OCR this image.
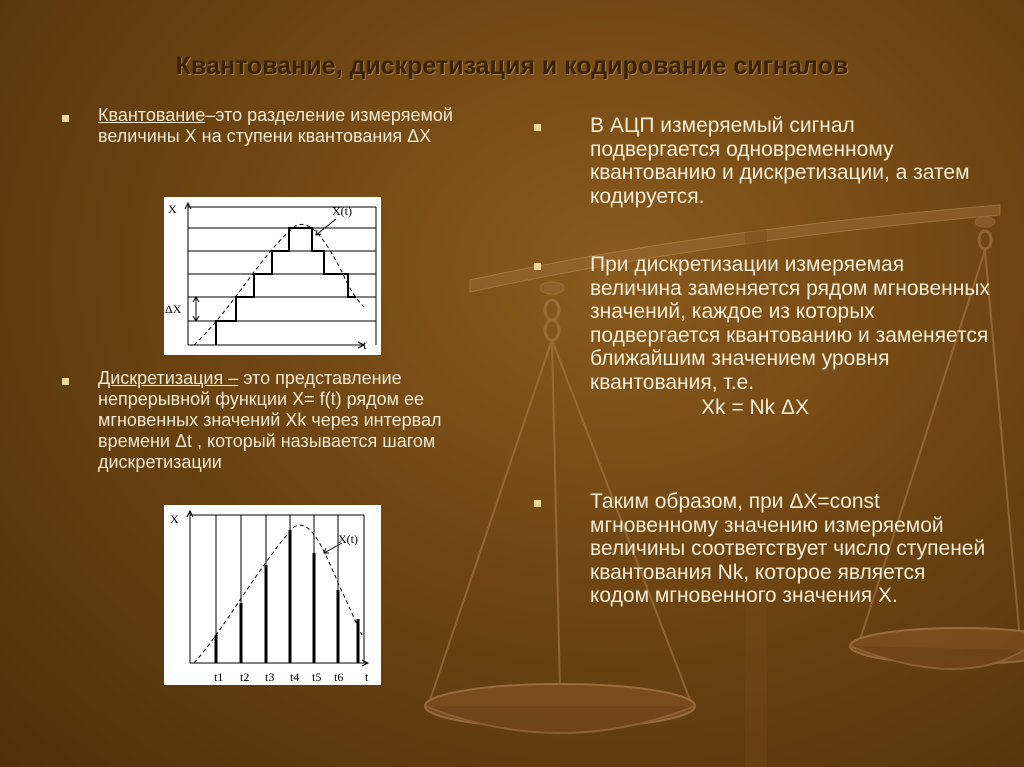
Квантование, дискретизация и кодирование сигналов
Квантование–это разделение измеряемой величины Х на ступени квантования ΔХ
X
t
X(t)
ΔX
Дискретизация – это представление непрерывной функции Х= f(t) рядом ее мгновенных значений Хk через интервал времени Δt , который называется шагом дискретизации
X
t
X(t)
t1 t2 t3 t4 t5 t6
В АЦП измеряемый сигнал подвергается одновременному квантованию и дискретизации, а затем кодируется.
При дискретизации измеряемая величина заменяется рядом мгновенных значений, каждое из которых подвергается квантованию и заменяется ближайшим значением уровня квантования, т.е.
Хk = Nk ΔХ
Таким образом, при ΔХ=const мгновенному значению измеряемой величины соответствует число ступеней квантования Nk, которое является кодом мгновенного значения Х.
